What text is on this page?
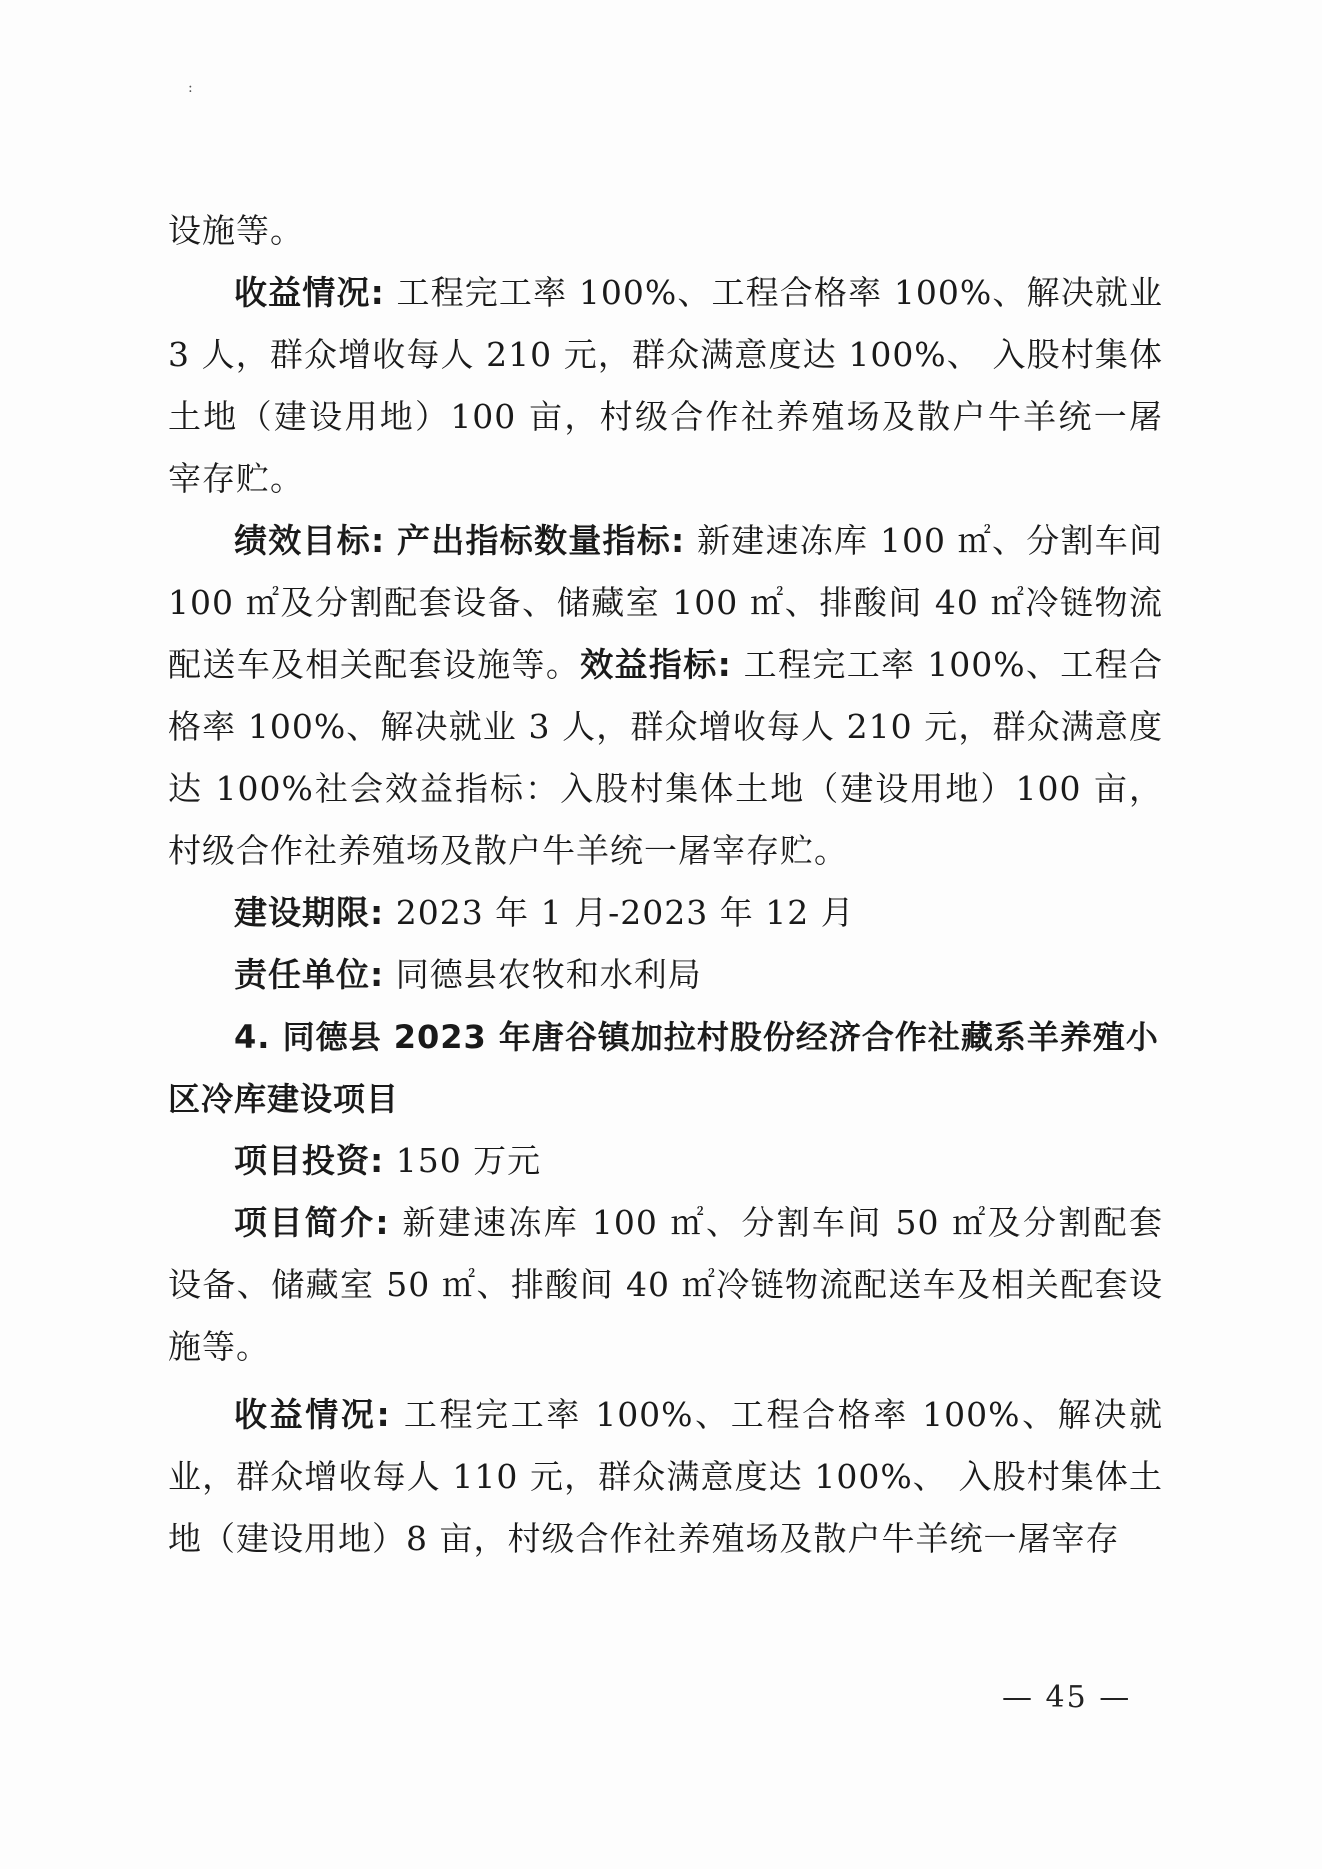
:

设施等。

收益情况: 工程完工率 100%、工程合格率 100%、解决就业 3 人，群众增收每人 210 元，群众满意度达 100%、 入股村集体土地（建设用地）100 亩，村级合作社养殖场及散户牛羊统一屠宰存贮。

绩效目标: 产出指标数量指标: 新建速冻库 100 ㎡、分割车间 100 ㎡及分割配套设备、储藏室 100 ㎡、排酸间 40 ㎡冷链物流配送车及相关配套设施等。效益指标: 工程完工率 100%、工程合格率 100%、解决就业 3 人，群众增收每人 210 元，群众满意度达 100%社会效益指标：入股村集体土地（建设用地）100 亩，村级合作社养殖场及散户牛羊统一屠宰存贮。

建设期限: 2023 年 1 月-2023 年 12 月

责任单位: 同德县农牧和水利局

4. 同德县 2023 年唐谷镇加拉村股份经济合作社藏系羊养殖小区冷库建设项目

项目投资: 150 万元

项目简介: 新建速冻库 100 ㎡、分割车间 50 ㎡及分割配套设备、储藏室 50 ㎡、排酸间 40 ㎡冷链物流配送车及相关配套设施等。

收益情况: 工程完工率 100%、工程合格率 100%、解决就业，群众增收每人 110 元，群众满意度达 100%、 入股村集体土地（建设用地）8 亩，村级合作社养殖场及散户牛羊统一屠宰存

— 45 —
